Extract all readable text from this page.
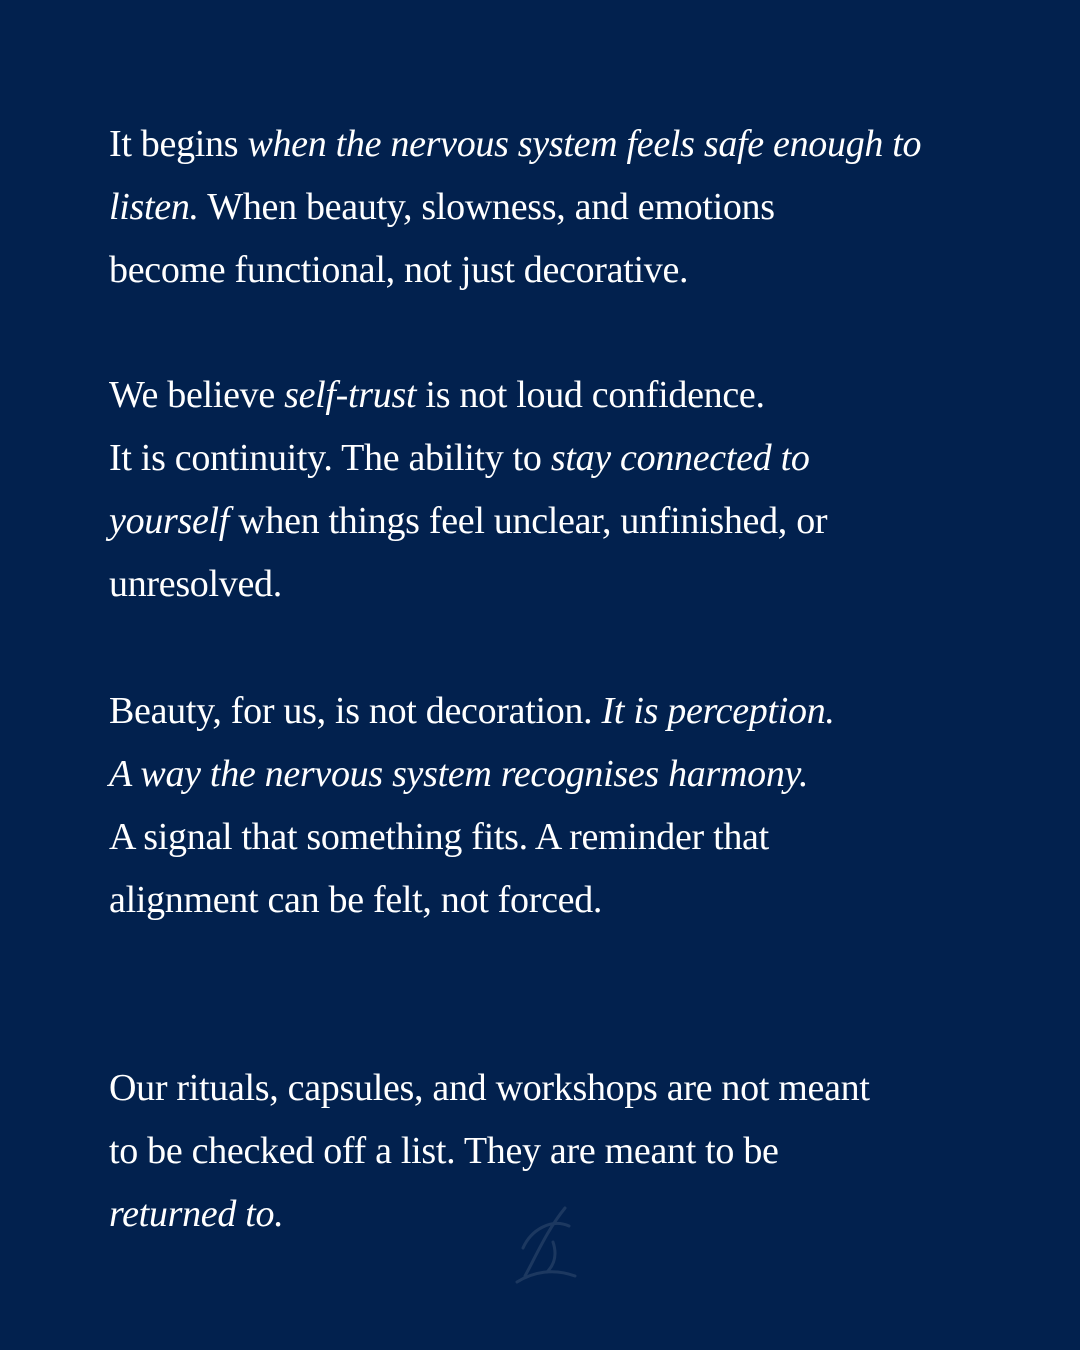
It begins when the nervous system feels safe enough to
listen. When beauty, slowness, and emotions
become functional, not just decorative.
We believe self-trust is not loud confidence.
It is continuity. The ability to stay connected to
yourself when things feel unclear, unfinished, or
unresolved.
Beauty, for us, is not decoration. It is perception.
A way the nervous system recognises harmony.
A signal that something fits. A reminder that
alignment can be felt, not forced.
Our rituals, capsules, and workshops are not meant
to be checked off a list. They are meant to be
returned to.
